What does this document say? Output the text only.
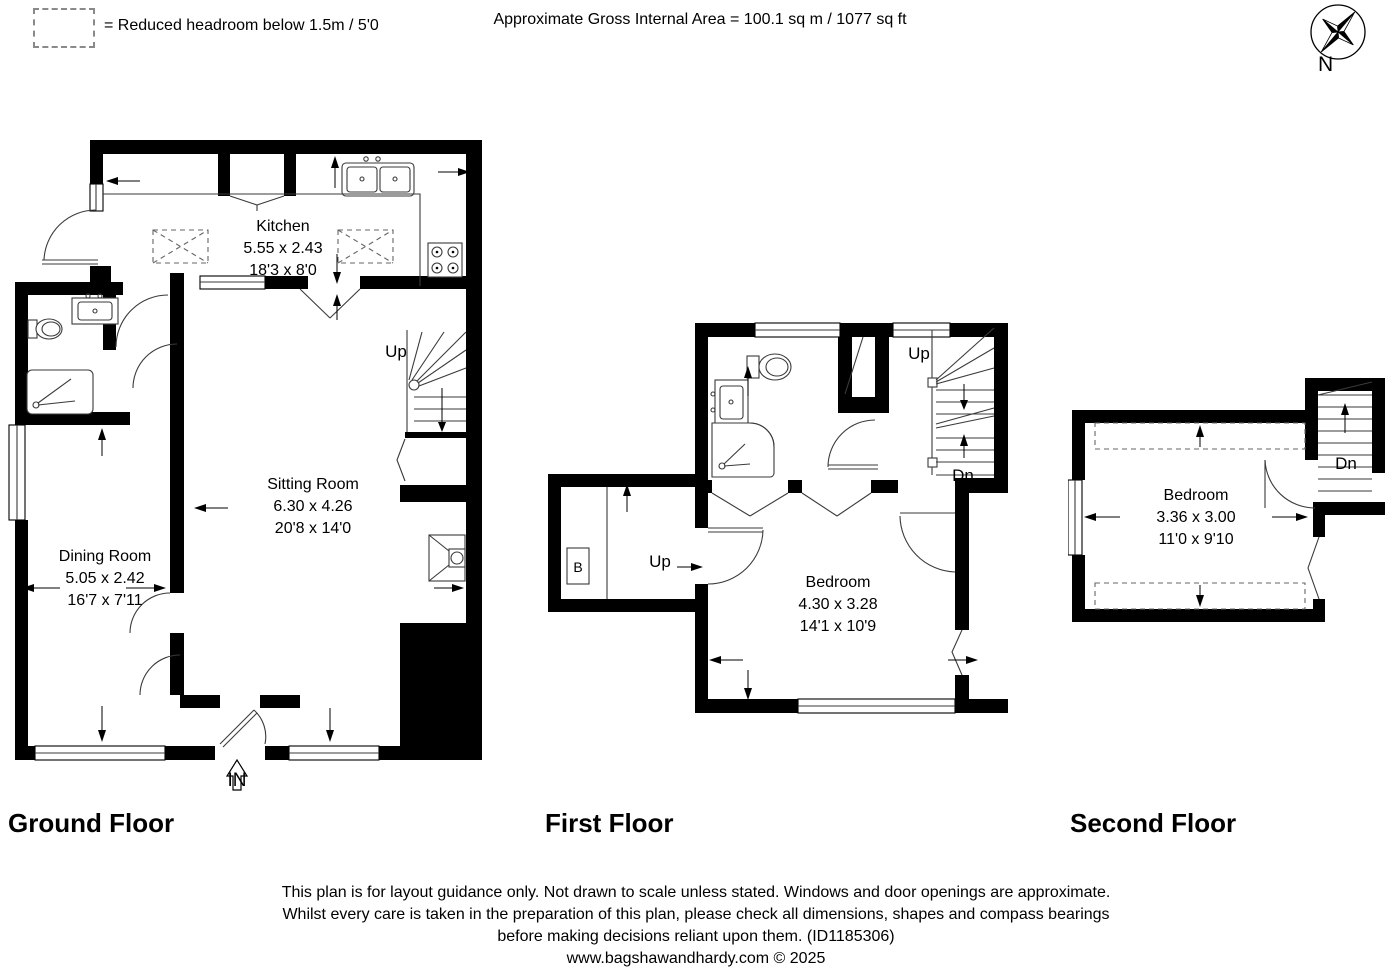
= Reduced headroom below 1.5m / 5'0	Approximate Gross Internal Area = 100.1 sq m / 1077 sq ft
N
Kitchen
5.55 x 2.43
18'3 x 8'0
Sitting Room
6.30 x 4.26
20'8 x 14'0
Dining Room
5.05 x 2.42
16'7 x 7'11
Up
IN
Bedroom
4.30 x 3.28
14'1 x 10'9
Up
Dn
Up
B
Bedroom
3.36 x 3.00
11'0 x 9'10
Dn
Ground Floor	First Floor	Second Floor
This plan is for layout guidance only. Not drawn to scale unless stated. Windows and door openings are approximate.
Whilst every care is taken in the preparation of this plan, please check all dimensions, shapes and compass bearings
before making decisions reliant upon them. (ID1185306)
www.bagshawandhardy.com © 2025
